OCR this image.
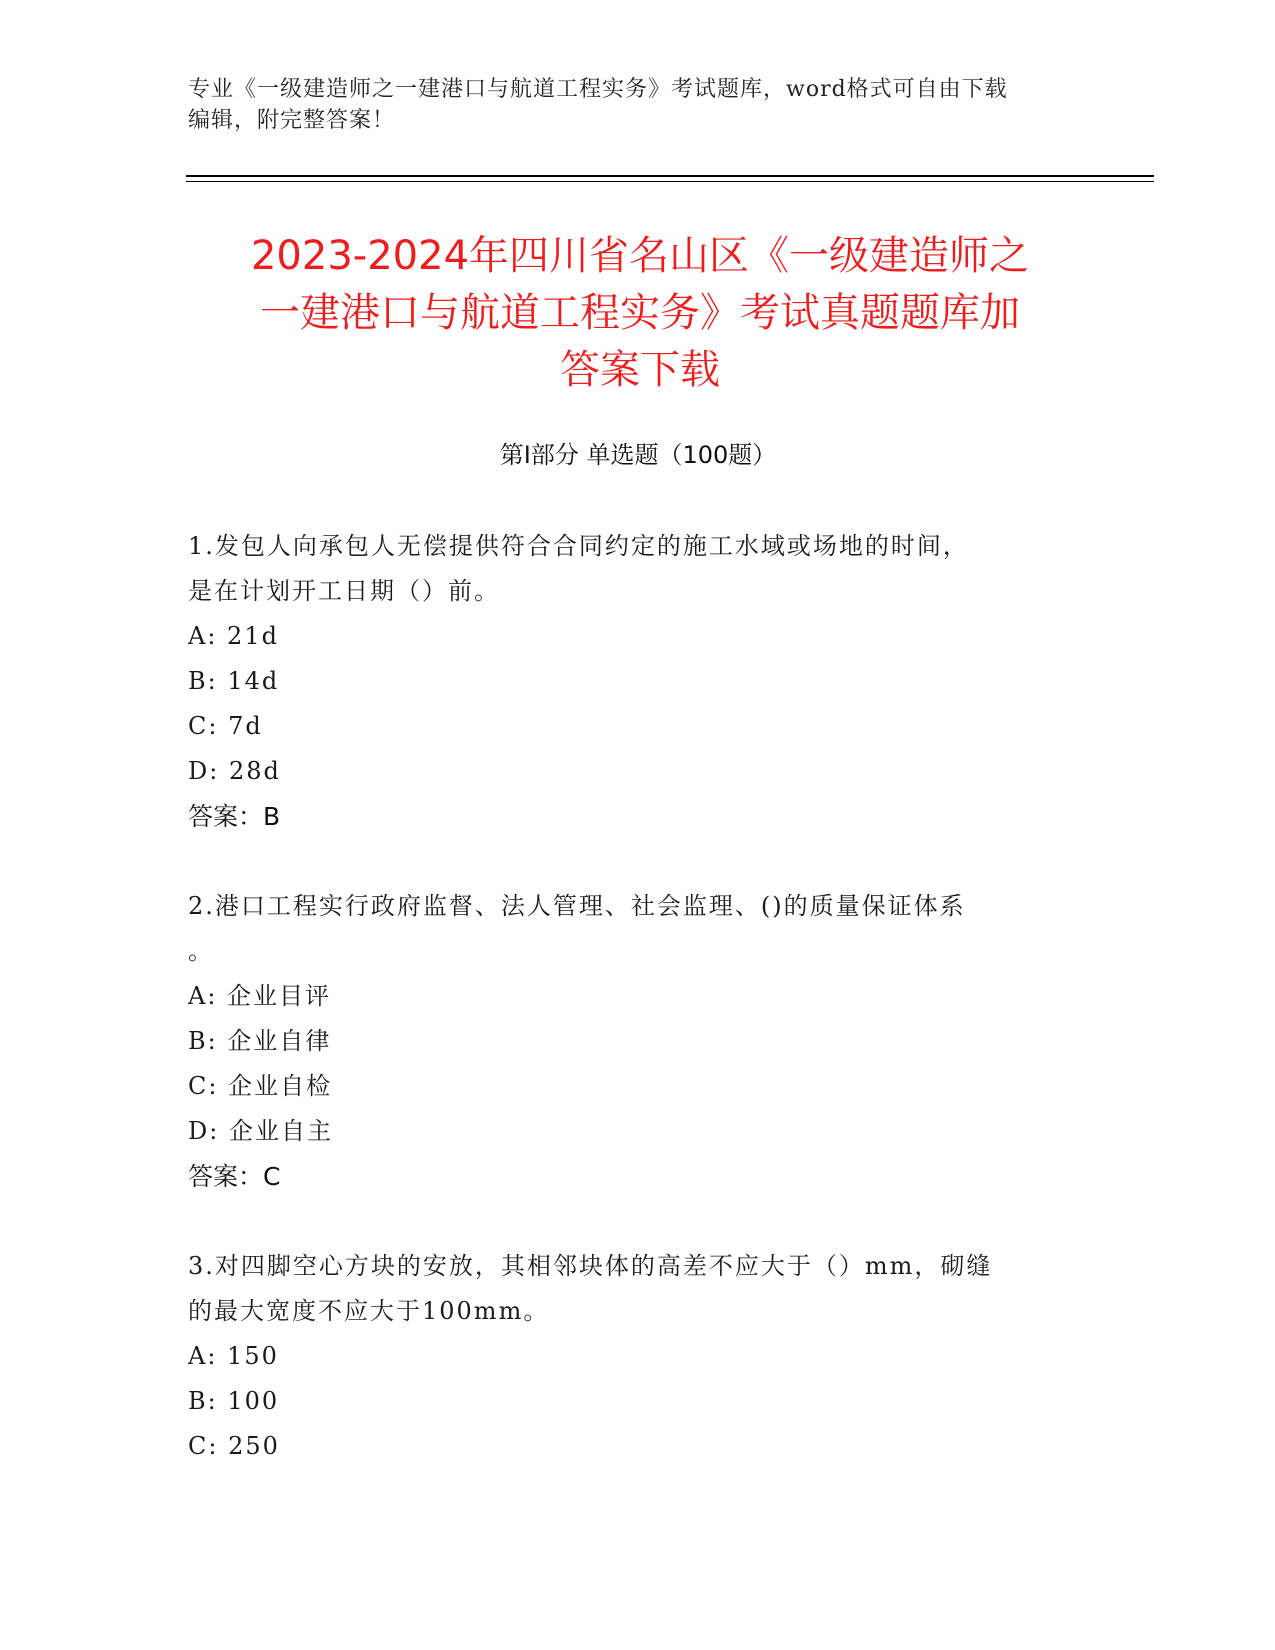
专业《一级建造师之一建港口与航道工程实务》考试题库，word格式可自由下载
编辑，附完整答案！
2023-2024年四川省名山区《一级建造师之
一建港口与航道工程实务》考试真题题库加
答案下载
第Ⅰ部分 单选题（100题）
1.发包人向承包人无偿提供符合合同约定的施工水域或场地的时间，
是在计划开工日期（）前。
A: 21d
B: 14d
C: 7d
D: 28d
答案：B
2.港口工程实行政府监督、法人管理、社会监理、()的质量保证体系
。
A: 企业目评
B: 企业自律
C: 企业自检
D: 企业自主
答案：C
3.对四脚空心方块的安放，其相邻块体的高差不应大于（）mm，砌缝
的最大宽度不应大于100mm。
A: 150
B: 100
C: 250
